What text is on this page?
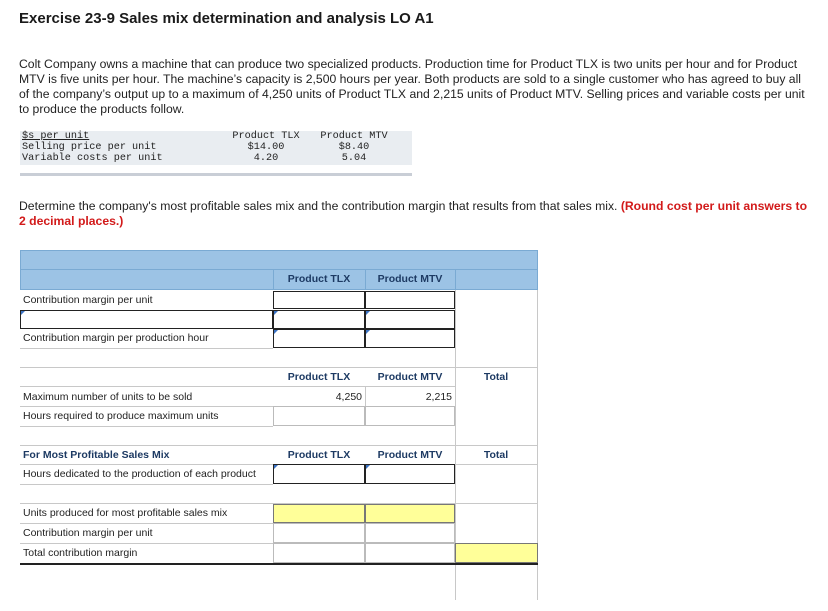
Exercise 23-9 Sales mix determination and analysis LO A1
Colt Company owns a machine that can produce two specialized products. Production time for Product TLX is two units per hour and for Product MTV is five units per hour. The machine’s capacity is 2,500 hours per year. Both products are sold to a single customer who has agreed to buy all of the company’s output up to a maximum of 4,250 units of Product TLX and 2,215 units of Product MTV. Selling prices and variable costs per unit to produce the products follow.
$s per unit	Product TLX	Product MTV
Selling price per unit	$14.00	$8.40
Variable costs per unit	4.20	5.04
Determine the company's most profitable sales mix and the contribution margin that results from that sales mix. (Round cost per unit answers to 2 decimal places.)
Product TLX	Product MTV
Contribution margin per unit
Contribution margin per production hour
Product TLX	Product MTV	Total
Maximum number of units to be sold	4,250	2,215
Hours required to produce maximum units
For Most Profitable Sales Mix	Product TLX	Product MTV	Total
Hours dedicated to the production of each product
Units produced for most profitable sales mix
Contribution margin per unit
Total contribution margin
